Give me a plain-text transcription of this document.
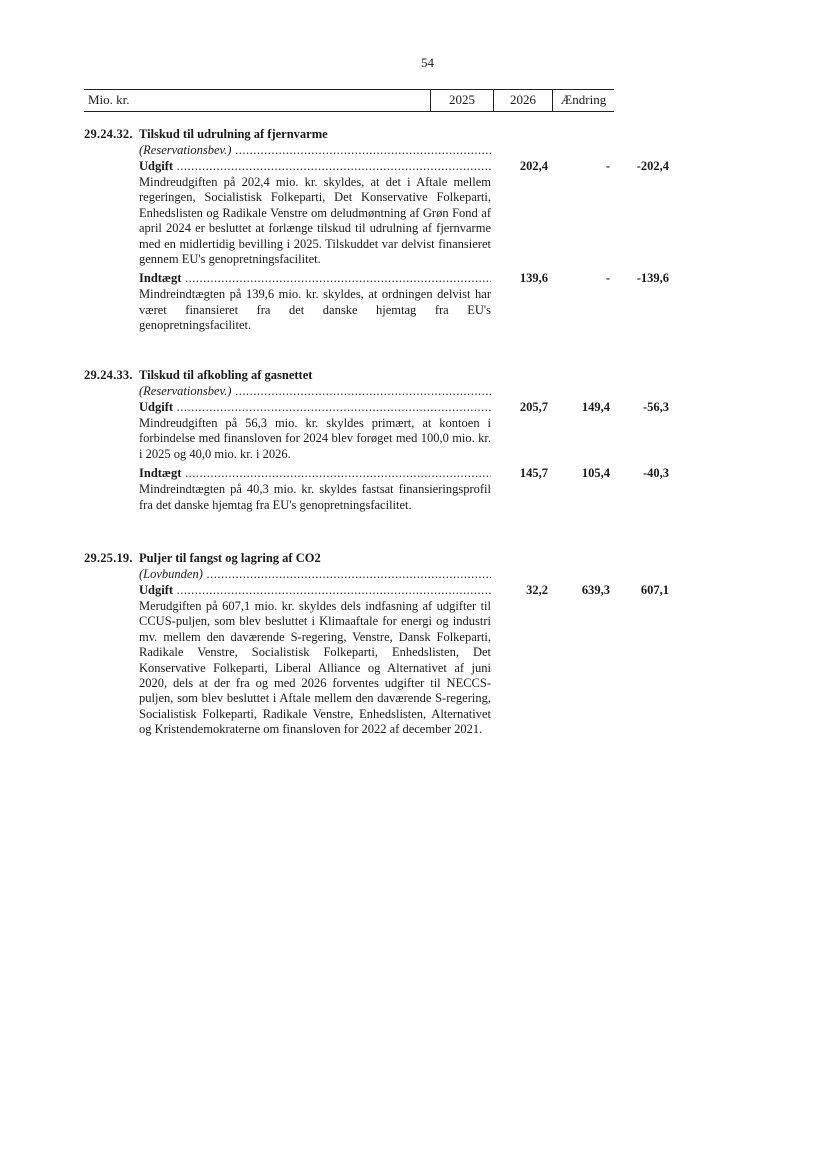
54
Mio. kr.	2025	2026	Ændring
29.24.32. Tilskud til udrulning af fjernvarme
(Reservationsbev.) .....
Udgift .....	202,4	-	-202,4
Mindreudgiften på 202,4 mio. kr. skyldes, at det i Aftale mellem regeringen, Socialistisk Folkeparti, Det Konservative Folkeparti, Enhedslisten og Radikale Venstre om deludmøntning af Grøn Fond af april 2024 er besluttet at forlænge tilskud til udrulning af fjernvarme med en midlertidig bevilling i 2025. Tilskuddet var delvist finansieret gennem EU's genopretningsfacilitet.
Indtægt .....	139,6	-	-139,6
Mindreindtægten på 139,6 mio. kr. skyldes, at ordningen delvist har været finansieret fra det danske hjemtag fra EU's genopretningsfacilitet.
29.24.33. Tilskud til afkobling af gasnettet
(Reservationsbev.) .....
Udgift .....	205,7	149,4	-56,3
Mindreudgiften på 56,3 mio. kr. skyldes primært, at kontoen i forbindelse med finansloven for 2024 blev forøget med 100,0 mio. kr. i 2025 og 40,0 mio. kr. i 2026.
Indtægt .....	145,7	105,4	-40,3
Mindreindtægten på 40,3 mio. kr. skyldes fastsat finansieringsprofil fra det danske hjemtag fra EU's genopretningsfacilitet.
29.25.19. Puljer til fangst og lagring af CO2
(Lovbunden) .....
Udgift .....	32,2	639,3	607,1
Merudgiften på 607,1 mio. kr. skyldes dels indfasning af udgifter til CCUS-puljen, som blev besluttet i Klimaaftale for energi og industri mv. mellem den daværende S-regering, Venstre, Dansk Folkeparti, Radikale Venstre, Socialistisk Folkeparti, Enhedslisten, Det Konservative Folkeparti, Liberal Alliance og Alternativet af juni 2020, dels at der fra og med 2026 forventes udgifter til NECCS-puljen, som blev besluttet i Aftale mellem den daværende S-regering, Socialistisk Folkeparti, Radikale Venstre, Enhedslisten, Alternativet og Kristendemokraterne om finansloven for 2022 af december 2021.
